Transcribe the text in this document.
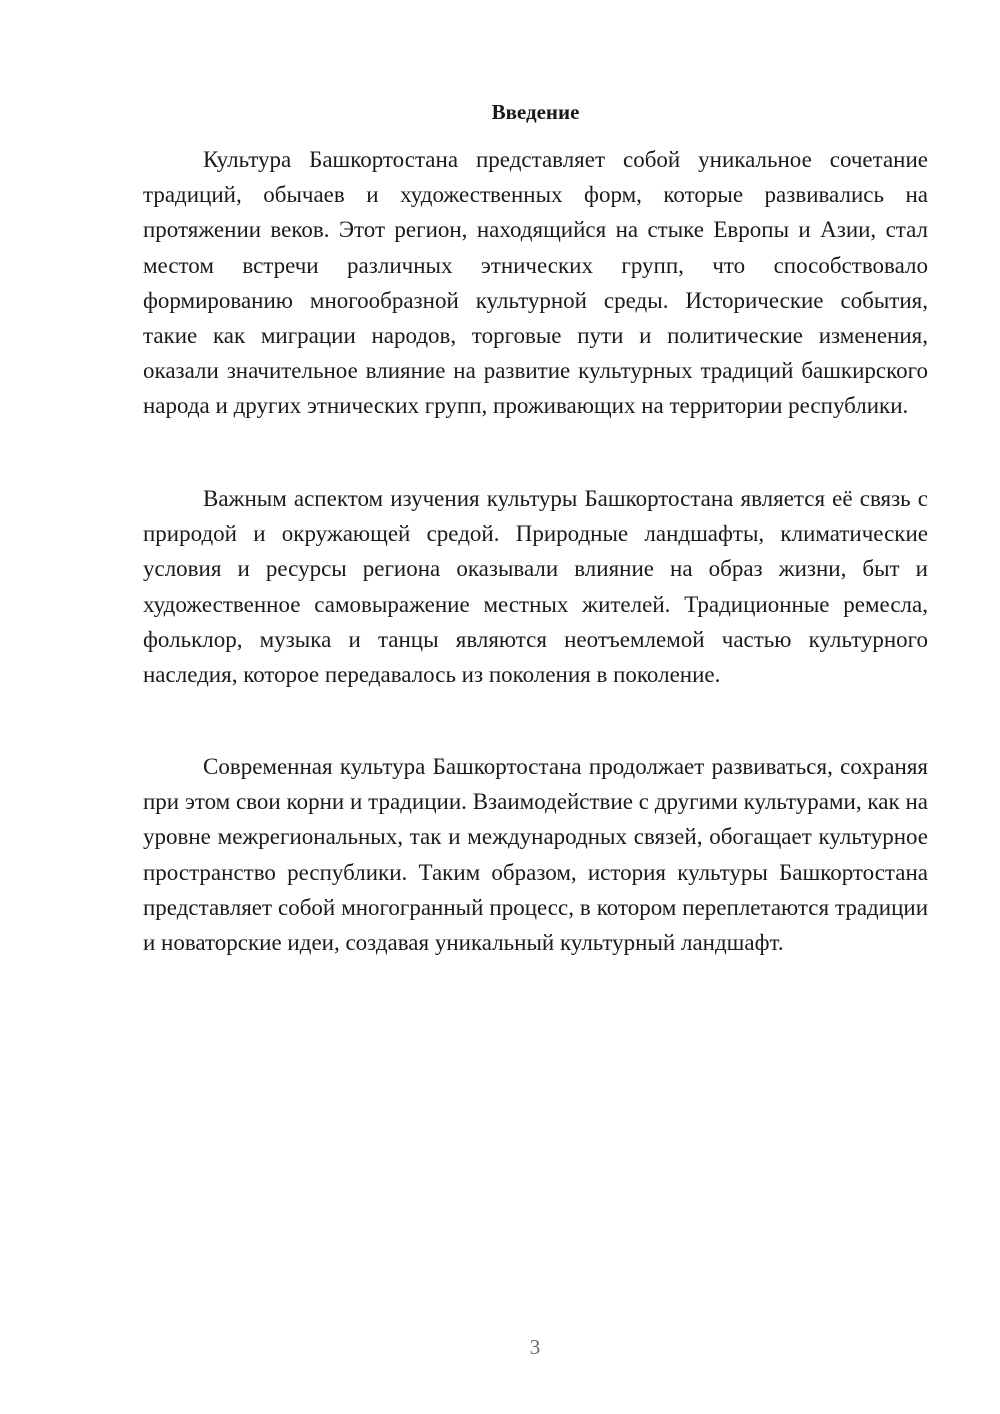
Введение

Культура Башкортостана представляет собой уникальное сочетание традиций, обычаев и художественных форм, которые развивались на протяжении веков. Этот регион, находящийся на стыке Европы и Азии, стал местом встречи различных этнических групп, что способствовало формированию многообразной культурной среды. Исторические события, такие как миграции народов, торговые пути и политические изменения, оказали значительное влияние на развитие культурных традиций башкирского народа и других этнических групп, проживающих на территории республики.

Важным аспектом изучения культуры Башкортостана является её связь с природой и окружающей средой. Природные ландшафты, климатические условия и ресурсы региона оказывали влияние на образ жизни, быт и художественное самовыражение местных жителей. Традиционные ремесла, фольклор, музыка и танцы являются неотъемлемой частью культурного наследия, которое передавалось из поколения в поколение.

Современная культура Башкортостана продолжает развиваться, сохраняя при этом свои корни и традиции. Взаимодействие с другими культурами, как на уровне межрегиональных, так и международных связей, обогащает культурное пространство республики. Таким образом, история культуры Башкортостана представляет собой многогранный процесс, в котором переплетаются традиции и новаторские идеи, создавая уникальный культурный ландшафт.

3
